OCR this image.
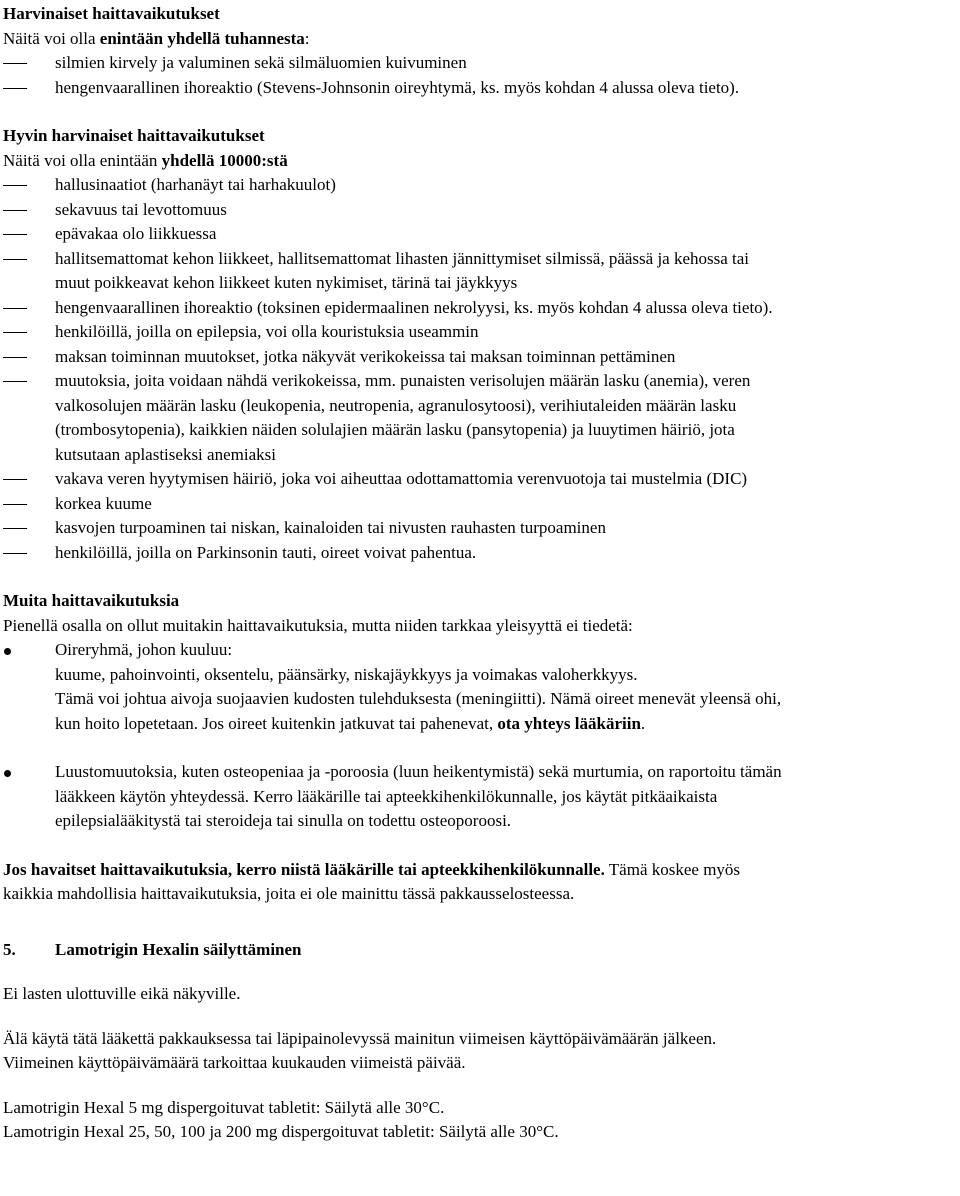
Harvinaiset haittavaikutukset
Näitä voi olla enintään yhdellä tuhannesta:
silmien kirvely ja valuminen sekä silmäluomien kuivuminen
hengenvaarallinen ihoreaktio (Stevens-Johnsonin oireyhtymä, ks. myös kohdan 4 alussa oleva tieto).
Hyvin harvinaiset haittavaikutukset
Näitä voi olla enintään yhdellä 10000:stä
hallusinaatiot (harhanäyt tai harhakuulot)
sekavuus tai levottomuus
epävakaa olo liikkuessa
hallitsemattomat kehon liikkeet, hallitsemattomat lihasten jännittymiset silmissä, päässä ja kehossa tai
muut poikkeavat kehon liikkeet kuten nykimiset, tärinä tai jäykkyys
hengenvaarallinen ihoreaktio (toksinen epidermaalinen nekrolyysi, ks. myös kohdan 4 alussa oleva tieto).
henkilöillä, joilla on epilepsia, voi olla kouristuksia useammin
maksan toiminnan muutokset, jotka näkyvät verikokeissa tai maksan toiminnan pettäminen
muutoksia, joita voidaan nähdä verikokeissa, mm. punaisten verisolujen määrän lasku (anemia), veren
valkosolujen määrän lasku (leukopenia, neutropenia, agranulosytoosi), verihiutaleiden määrän lasku
(trombosytopenia), kaikkien näiden solulajien määrän lasku (pansytopenia) ja luuytimen häiriö, jota
kutsutaan aplastiseksi anemiaksi
vakava veren hyytymisen häiriö, joka voi aiheuttaa odottamattomia verenvuotoja tai mustelmia (DIC)
korkea kuume
kasvojen turpoaminen tai niskan, kainaloiden tai nivusten rauhasten turpoaminen
henkilöillä, joilla on Parkinsonin tauti, oireet voivat pahentua.
Muita haittavaikutuksia
Pienellä osalla on ollut muitakin haittavaikutuksia, mutta niiden tarkkaa yleisyyttä ei tiedetä:
Oireryhmä, johon kuuluu:
kuume, pahoinvointi, oksentelu, päänsärky, niskajäykkyys ja voimakas valoherkkyys.
Tämä voi johtua aivoja suojaavien kudosten tulehduksesta (meningiitti). Nämä oireet menevät yleensä ohi,
kun hoito lopetetaan. Jos oireet kuitenkin jatkuvat tai pahenevat, ota yhteys lääkäriin.
Luustomuutoksia, kuten osteopeniaa ja -poroosia (luun heikentymistä) sekä murtumia, on raportoitu tämän
lääkkeen käytön yhteydessä. Kerro lääkärille tai apteekkihenkilökunnalle, jos käytät pitkäaikaista
epilepsialääkitystä tai steroideja tai sinulla on todettu osteoporoosi.
Jos havaitset haittavaikutuksia, kerro niistä lääkärille tai apteekkihenkilökunnalle. Tämä koskee myös
kaikkia mahdollisia haittavaikutuksia, joita ei ole mainittu tässä pakkausselosteessa.
5. Lamotrigin Hexalin säilyttäminen
Ei lasten ulottuville eikä näkyville.
Älä käytä tätä lääkettä pakkauksessa tai läpipainolevyssä mainitun viimeisen käyttöpäivämäärän jälkeen.
Viimeinen käyttöpäivämäärä tarkoittaa kuukauden viimeistä päivää.
Lamotrigin Hexal 5 mg dispergoituvat tabletit: Säilytä alle 30°C.
Lamotrigin Hexal 25, 50, 100 ja 200 mg dispergoituvat tabletit: Säilytä alle 30°C.
